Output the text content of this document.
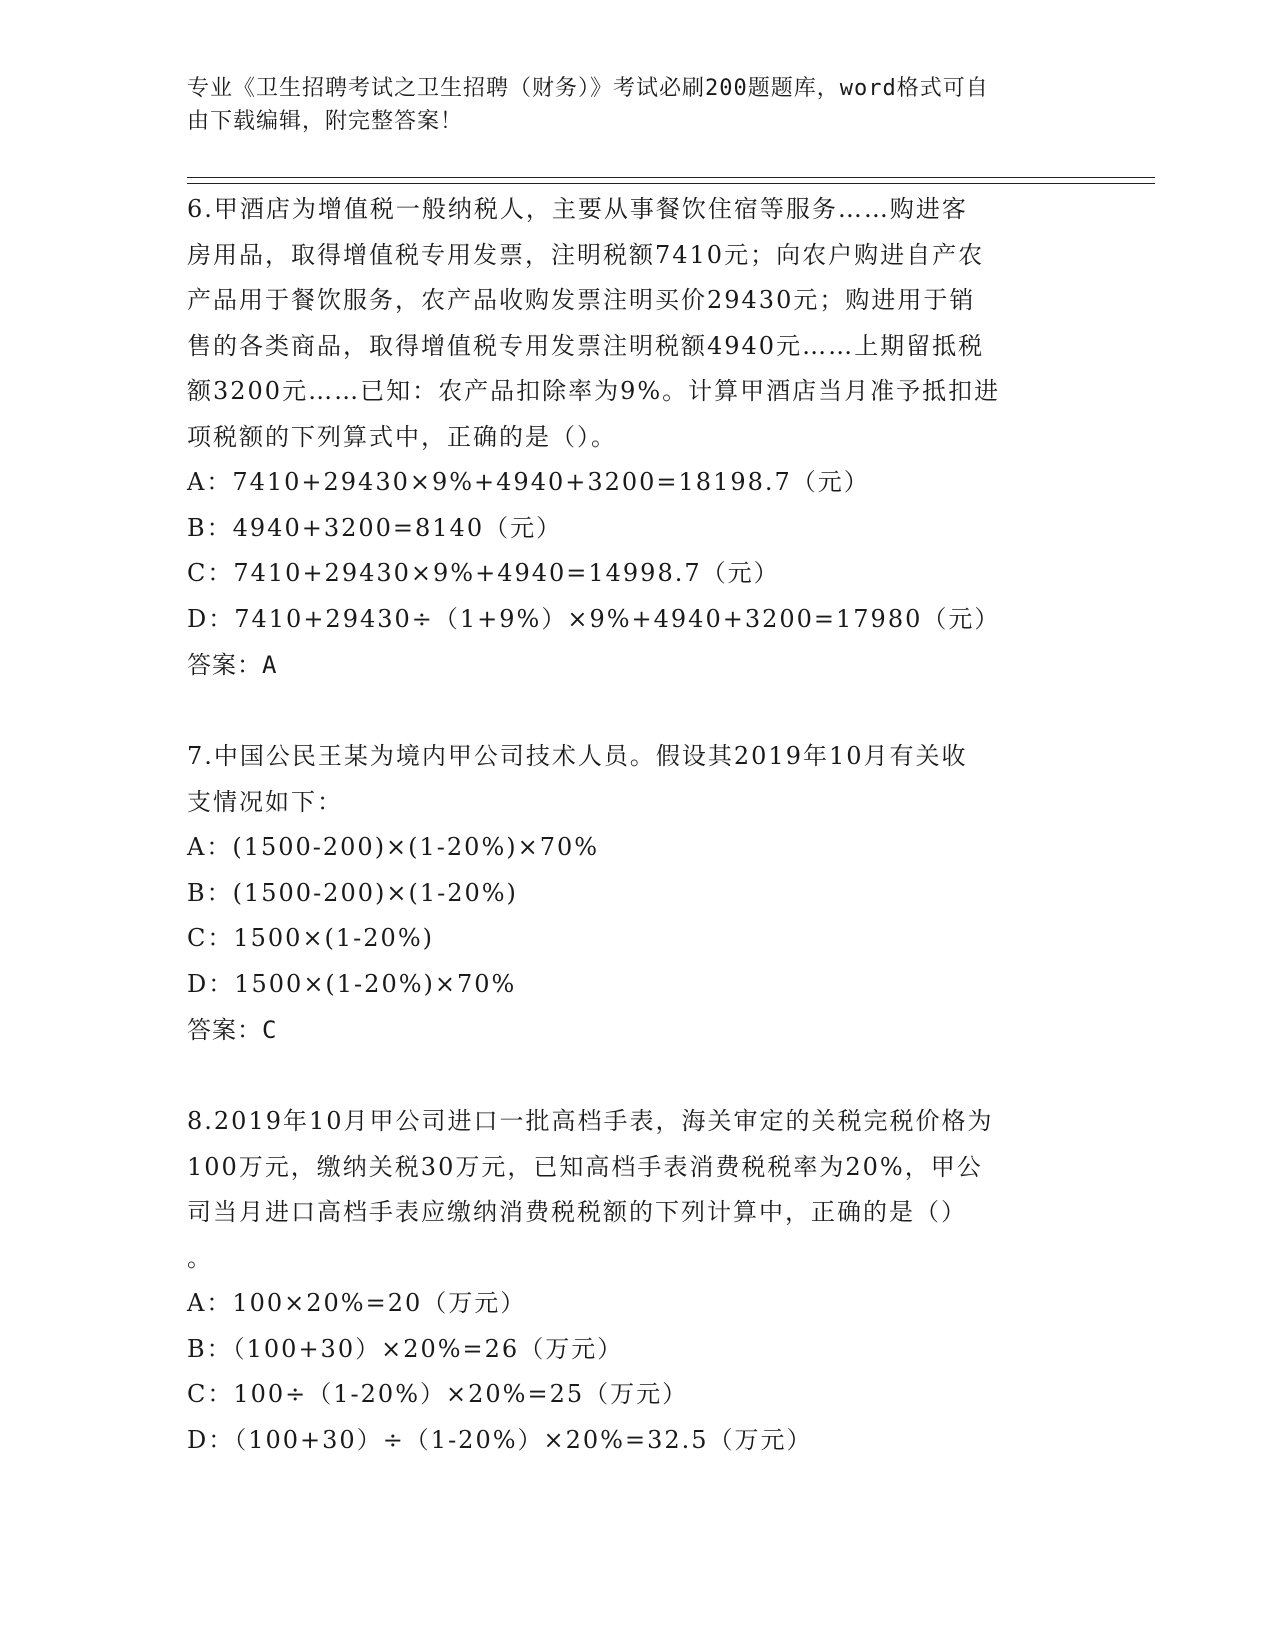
专业《卫生招聘考试之卫生招聘（财务）》考试必刷200题题库，word格式可自
由下载编辑，附完整答案！
6.甲酒店为增值税一般纳税人，主要从事餐饮住宿等服务……购进客
房用品，取得增值税专用发票，注明税额7410元；向农户购进自产农
产品用于餐饮服务，农产品收购发票注明买价29430元；购进用于销
售的各类商品，取得增值税专用发票注明税额4940元……上期留抵税
额3200元……已知：农产品扣除率为9%。计算甲酒店当月准予抵扣进
项税额的下列算式中，正确的是（）。
A：7410+29430×9%+4940+3200=18198.7（元）
B：4940+3200=8140（元）
C：7410+29430×9%+4940=14998.7（元）
D：7410+29430÷（1+9%）×9%+4940+3200=17980（元）
答案：A
7.中国公民王某为境内甲公司技术人员。假设其2019年10月有关收
支情况如下：
A：(1500-200)×(1-20%)×70%
B：(1500-200)×(1-20%)
C：1500×(1-20%)
D：1500×(1-20%)×70%
答案：C
8.2019年10月甲公司进口一批高档手表，海关审定的关税完税价格为
100万元，缴纳关税30万元，已知高档手表消费税税率为20%，甲公
司当月进口高档手表应缴纳消费税税额的下列计算中，正确的是（）
。
A：100×20%=20（万元）
B：（100+30）×20%=26（万元）
C：100÷（1-20%）×20%=25（万元）
D：（100+30）÷（1-20%）×20%=32.5（万元）
